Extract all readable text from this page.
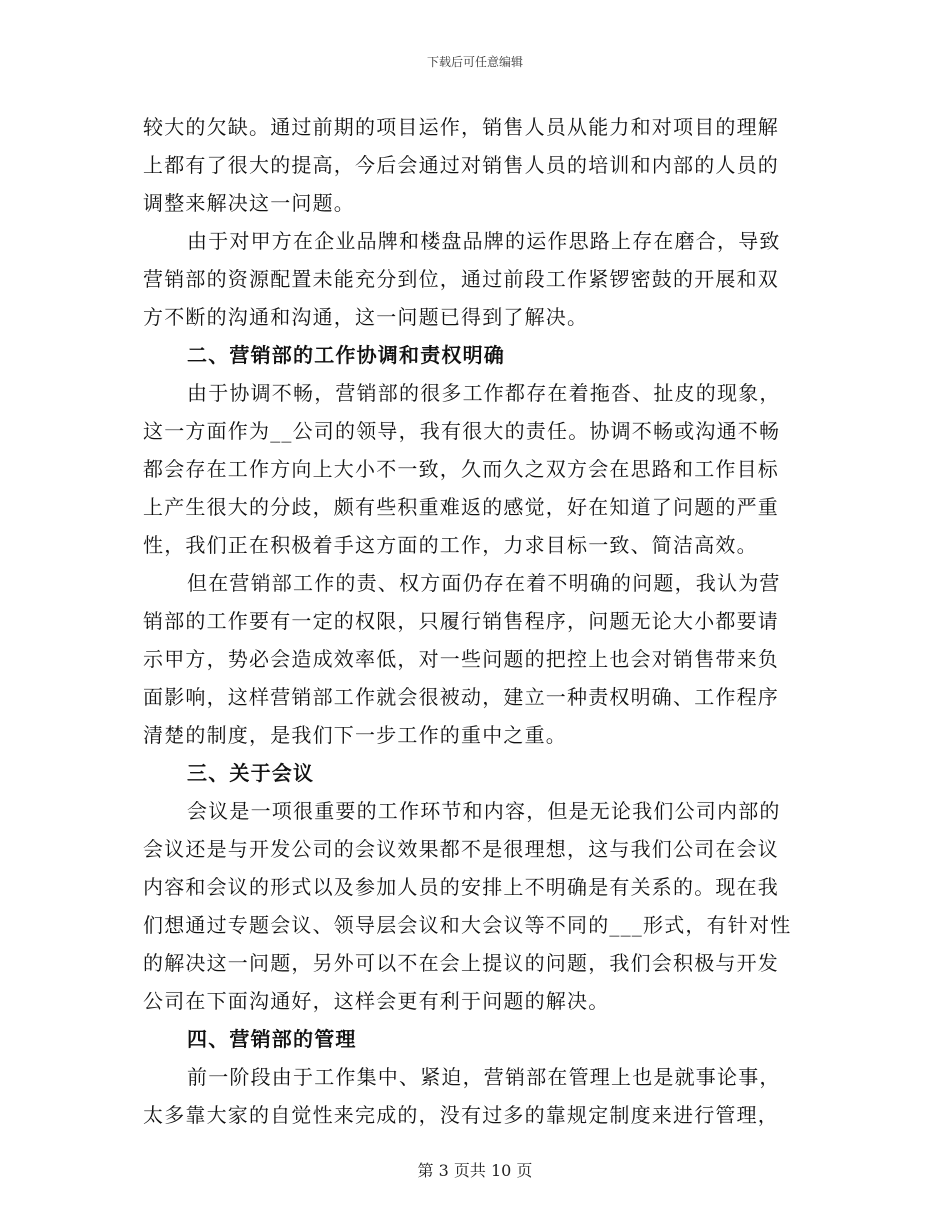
下载后可任意编辑
较大的欠缺。通过前期的项目运作，销售人员从能力和对项目的理解
上都有了很大的提高，今后会通过对销售人员的培训和内部的人员的
调整来解决这一问题。
由于对甲方在企业品牌和楼盘品牌的运作思路上存在磨合，导致
营销部的资源配置未能充分到位，通过前段工作紧锣密鼓的开展和双
方不断的沟通和沟通，这一问题已得到了解决。
二、营销部的工作协调和责权明确
由于协调不畅，营销部的很多工作都存在着拖沓、扯皮的现象，
这一方面作为__公司的领导，我有很大的责任。协调不畅或沟通不畅
都会存在工作方向上大小不一致，久而久之双方会在思路和工作目标
上产生很大的分歧，颇有些积重难返的感觉，好在知道了问题的严重
性，我们正在积极着手这方面的工作，力求目标一致、简洁高效。
但在营销部工作的责、权方面仍存在着不明确的问题，我认为营
销部的工作要有一定的权限，只履行销售程序，问题无论大小都要请
示甲方，势必会造成效率低，对一些问题的把控上也会对销售带来负
面影响，这样营销部工作就会很被动，建立一种责权明确、工作程序
清楚的制度，是我们下一步工作的重中之重。
三、关于会议
会议是一项很重要的工作环节和内容，但是无论我们公司内部的
会议还是与开发公司的会议效果都不是很理想，这与我们公司在会议
内容和会议的形式以及参加人员的安排上不明确是有关系的。现在我
们想通过专题会议、领导层会议和大会议等不同的___形式，有针对性
的解决这一问题，另外可以不在会上提议的问题，我们会积极与开发
公司在下面沟通好，这样会更有利于问题的解决。
四、营销部的管理
前一阶段由于工作集中、紧迫，营销部在管理上也是就事论事，
太多靠大家的自觉性来完成的，没有过多的靠规定制度来进行管理，
第 3 页共 10 页
